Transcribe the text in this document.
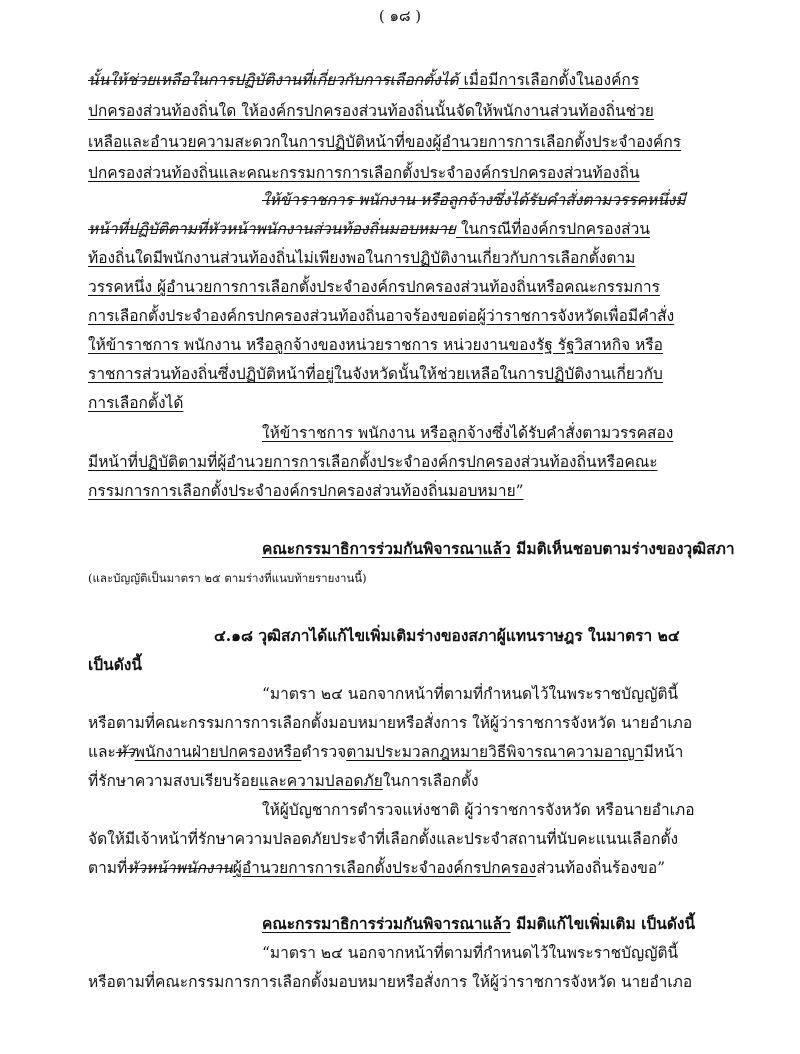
( ๑๘ )
นั้นให้ช่วยเหลือในการปฏิบัติงานที่เกี่ยวกับการเลือกตั้งได้ เมื่อมีการเลือกตั้งในองค์กร
ปกครองส่วนท้องถิ่นใด ให้องค์กรปกครองส่วนท้องถิ่นนั้นจัดให้พนักงานส่วนท้องถิ่นช่วย
เหลือและอำนวยความสะดวกในการปฏิบัติหน้าที่ของผู้อำนวยการการเลือกตั้งประจำองค์กร
ปกครองส่วนท้องถิ่นและคณะกรรมการการเลือกตั้งประจำองค์กรปกครองส่วนท้องถิ่น
ให้ข้าราชการ พนักงาน หรือลูกจ้างซึ่งได้รับคำสั่งตามวรรคหนึ่งมี
หน้าที่ปฏิบัติตามที่หัวหน้าพนักงานส่วนท้องถิ่นมอบหมาย ในกรณีที่องค์กรปกครองส่วน
ท้องถิ่นใดมีพนักงานส่วนท้องถิ่นไม่เพียงพอในการปฏิบัติงานเกี่ยวกับการเลือกตั้งตาม
วรรคหนึ่ง ผู้อำนวยการการเลือกตั้งประจำองค์กรปกครองส่วนท้องถิ่นหรือคณะกรรมการ
การเลือกตั้งประจำองค์กรปกครองส่วนท้องถิ่นอาจร้องขอต่อผู้ว่าราชการจังหวัดเพื่อมีคำสั่ง
ให้ข้าราชการ พนักงาน หรือลูกจ้างของหน่วยราชการ หน่วยงานของรัฐ รัฐวิสาหกิจ หรือ
ราชการส่วนท้องถิ่นซึ่งปฏิบัติหน้าที่อยู่ในจังหวัดนั้นให้ช่วยเหลือในการปฏิบัติงานเกี่ยวกับ
การเลือกตั้งได้
ให้ข้าราชการ พนักงาน หรือลูกจ้างซึ่งได้รับคำสั่งตามวรรคสอง
มีหน้าที่ปฏิบัติตามที่ผู้อำนวยการการเลือกตั้งประจำองค์กรปกครองส่วนท้องถิ่นหรือคณะ
กรรมการการเลือกตั้งประจำองค์กรปกครองส่วนท้องถิ่นมอบหมาย”
คณะกรรมาธิการร่วมกันพิจารณาแล้ว มีมติเห็นชอบตามร่างของวุฒิสภา
(และบัญญัติเป็นมาตรา ๒๕ ตามร่างที่แนบท้ายรายงานนี้)
๔.๑๘ วุฒิสภาได้แก้ไขเพิ่มเติมร่างของสภาผู้แทนราษฎร ในมาตรา ๒๔
เป็นดังนี้
“มาตรา ๒๔ นอกจากหน้าที่ตามที่กำหนดไว้ในพระราชบัญญัตินี้
หรือตามที่คณะกรรมการการเลือกตั้งมอบหมายหรือสั่งการ ให้ผู้ว่าราชการจังหวัด นายอำเภอ
และหัวพนักงานฝ่ายปกครองหรือตำรวจตามประมวลกฎหมายวิธีพิจารณาความอาญามีหน้า
ที่รักษาความสงบเรียบร้อยและความปลอดภัยในการเลือกตั้ง
ให้ผู้บัญชาการตำรวจแห่งชาติ ผู้ว่าราชการจังหวัด หรือนายอำเภอ
จัดให้มีเจ้าหน้าที่รักษาความปลอดภัยประจำที่เลือกตั้งและประจำสถานที่นับคะแนนเลือกตั้ง
ตามที่หัวหน้าพนักงานผู้อำนวยการการเลือกตั้งประจำองค์กรปกครองส่วนท้องถิ่นร้องขอ”
คณะกรรมาธิการร่วมกันพิจารณาแล้ว มีมติแก้ไขเพิ่มเติม เป็นดังนี้
“มาตรา ๒๔ นอกจากหน้าที่ตามที่กำหนดไว้ในพระราชบัญญัตินี้
หรือตามที่คณะกรรมการการเลือกตั้งมอบหมายหรือสั่งการ ให้ผู้ว่าราชการจังหวัด นายอำเภอ
